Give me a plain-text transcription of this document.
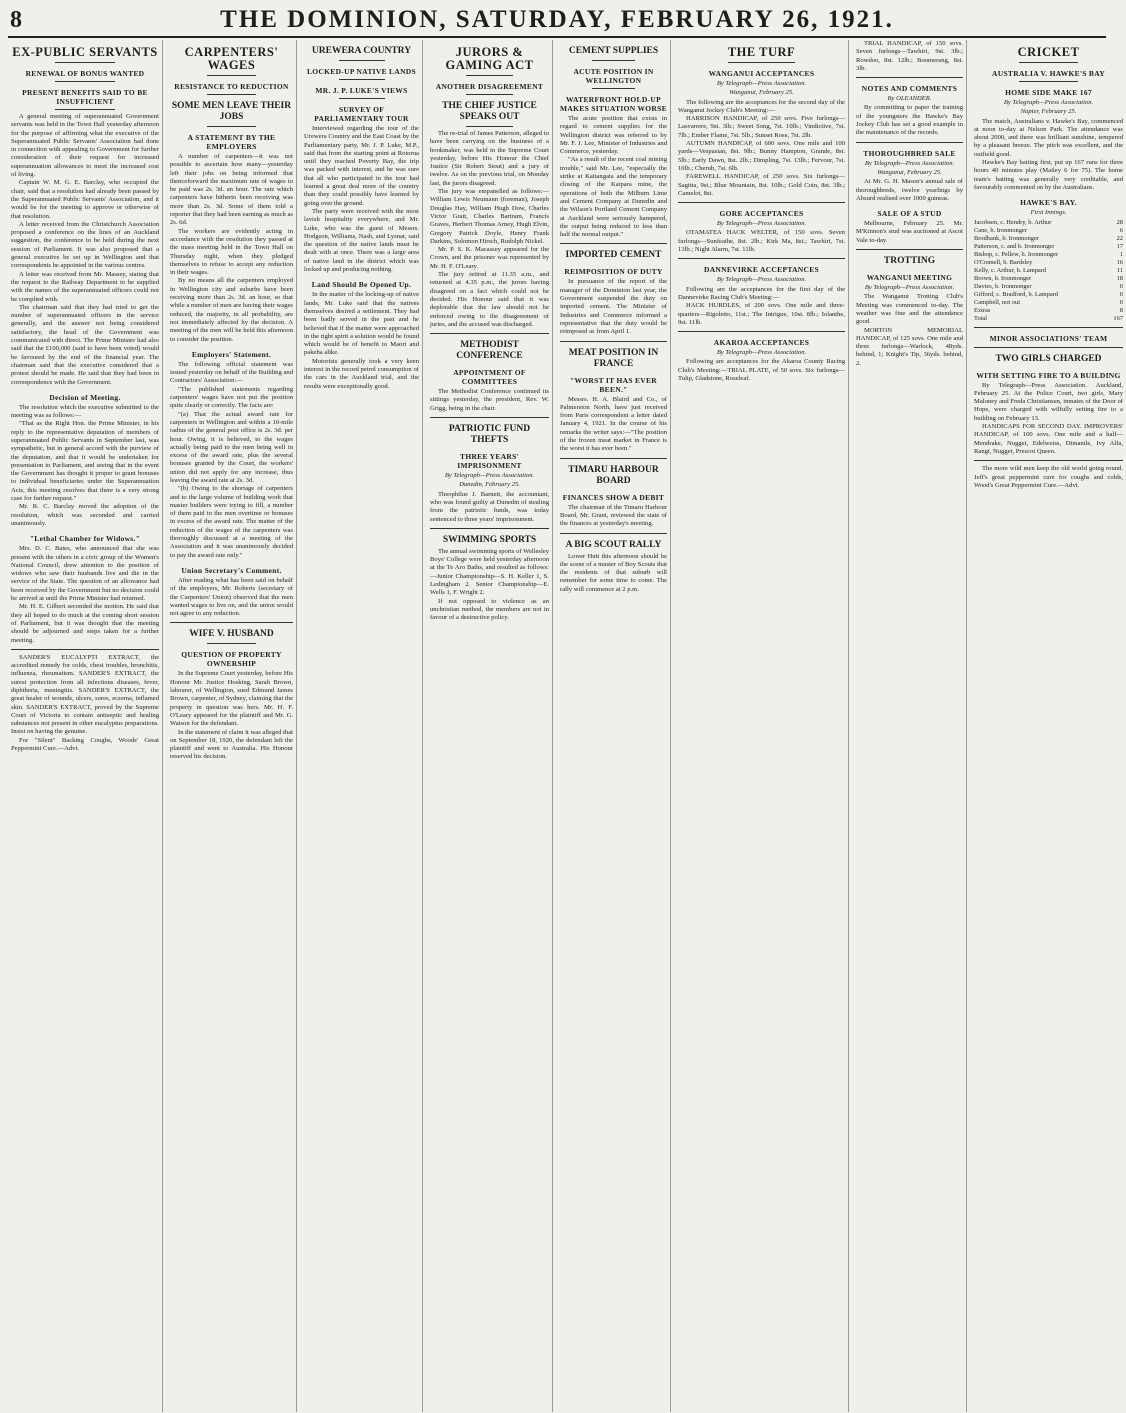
8	THE DOMINION, SATURDAY, FEBRUARY 26, 1921.
EX-PUBLIC SERVANTS
RENEWAL OF BONUS WANTED
PRESENT BENEFITS SAID TO BE INSUFFICIENT

A general meeting of superannuated Government servants was held in the Town Hall yesterday afternoon for the purpose of affirming what the executive of the Superannuated Public Servants' Association had done in connection with appealing to Government for further consideration of their request for increased superannuation allowances to meet the increased cost of living.

Captain W. M. G. E. Barclay, who occupied the chair, said that a resolution had already been passed by the Superannuated Public Servants' Association, and it would be for the meeting to approve or otherwise of that resolution.

A letter received from the Christchurch Association proposed a conference on the lines of an Auckland suggestion, the conference to be held during the next session of Parliament. It was also proposed that a general executive be set up in Wellington and that correspondents be appointed in the various centres.

A letter was received from Mr. Massey, stating that the request to the Railway Department to be supplied with the names of the superannuated officers could not be complied with.

The chairman said that they had tried to get the number of superannuated officers in the service generally, and the answer not being considered satisfactory, the head of the Government was communicated with direct. The Prime Minister had also said that the £100,000 (said to have been voted) would be favoured by the end of the financial year. The chairman said that the executive considered that a protest should be made. He said that they had been in correspondence with the Government.

Decision of Meeting.

The resolution which the executive submitted to the meeting was as follows:—

"That as the Right Hon. the Prime Minister, in his reply to the representative deputation of members of superannuated Public Servants in September last, was sympathetic, but in general accord with the purview of the deputation, and that it would be undertaken for presentation to Parliament, and seeing that in the event the Government has thought it proper to grant bonuses to individual beneficiaries under the Superannuation Acts, this meeting resolves that there is a very strong case for further request."

Mr. R. C. Barclay moved the adoption of the resolution, which was seconded and carried unanimously.

"Lethal Chamber for Widows."

Mrs. D. C. Bates, who announced that she was present with the others in a civic group of the Women's National Council, drew attention to the position of widows who saw their husbands live and die in the service of the State. The question of an allowance had been received by the Government but no decision could be arrived at until the Prime Minister had returned.

Mr. H. E. Gilbert seconded the motion. He said that they all hoped to do much at the coming short session of Parliament, but it was thought that the meeting should be adjourned and steps taken for a further meeting.

SANDER'S EUCALYPTI EXTRACT, the accredited remedy for colds, chest troubles, bronchitis, influenza, rheumatism. SANDER'S EXTRACT, the surest protection from all infections diseases, fever, diphtheria, meningitis. SANDER'S EXTRACT, the great healer of wounds, ulcers, sores, eczema, inflamed skin. SANDER'S EXTRACT, proved by the Supreme Court of Victoria to contain antiseptic and healing substances not present in other eucalyptus preparations. Insist on having the genuine.

For "Silent" Backing Coughs, Woods' Great Peppermint Cure.—Advt.

CARPENTERS' WAGES
RESISTANCE TO REDUCTION
SOME MEN LEAVE THEIR JOBS
A STATEMENT BY THE EMPLOYERS

A number of carpenters—it was not possible to ascertain how many—yesterday left their jobs on being informed that thenceforward the maximum rate of wages to be paid was 2s. 3d. an hour. The rate which carpenters have hitherto been receiving was more than 2s. 3d. Some of them told a reporter that they had been earning as much as 2s. 6d.

The workers are evidently acting in accordance with the resolution they passed at the mass meeting held in the Town Hall on Thursday night, when they pledged themselves to refuse to accept any reduction in their wages.

By no means all the carpenters employed in Wellington city and suburbs have been receiving more than 2s. 3d. an hour, so that while a number of men are having their wages reduced, the majority, in all probability, are not immediately affected by the decision. A meeting of the men will be held this afternoon to consider the position.

Employers' Statement.

The following official statement was issued yesterday on behalf of the Building and Contractors' Association:—

"The published statements regarding carpenters' wages have not put the position quite clearly or correctly. The facts are:

"(a) That the actual award rate for carpenters in Wellington and within a 10-mile radius of the general post office is 2s. 3d. per hour. Owing, it is believed, to the wages actually being paid to the men being well in excess of the award rate, plus the several bonuses granted by the Court, the workers' union did not apply for any increase, thus leaving the award rate at 2s. 3d.

"(b) Owing to the shortage of carpenters and to the large volume of building work that master builders were trying to fill, a number of them paid to the men overtime or bonuses in excess of the award rate. The matter of the reduction of the wages of the carpenters was thoroughly discussed at a meeting of the Association and it was unanimously decided to pay the award rate only."

Union Secretary's Comment.

After reading what has been said on behalf of the employers, Mr. Roberts (secretary of the Carpenters' Union) observed that the men wanted wages to live on, and the union would not agree to any reduction.

WIFE V. HUSBAND
QUESTION OF PROPERTY OWNERSHIP

In the Supreme Court yesterday, before His Honour Mr. Justice Hosking, Sarah Brown, labourer, of Wellington, sued Edmund James Brown, carpenter, of Sydney, claiming that the property in question was hers. Mr. H. F. O'Leary appeared for the plaintiff and Mr. G. Watson for the defendant.

In the statement of claim it was alleged that on September 18, 1920, the defendant left the plaintiff and went to Australia. His Honour reserved his decision.

UREWERA COUNTRY
LOCKED-UP NATIVE LANDS
MR. J. P. LUKE'S VIEWS
SURVEY OF PARLIAMENTARY TOUR

Interviewed regarding the tour of the Urewera Country and the East Coast by the Parliamentary party, Mr. J. P. Luke, M.P., said that from the starting point at Rotorua until they reached Poverty Bay, the trip was packed with interest, and he was sure that all who participated in the tour had learned a great deal more of the country than they could possibly have learned by going over the ground.

The party were received with the most lavish hospitality everywhere, and Mr. Luke, who was the guest of Messrs. Hodgson, Williams, Nash, and Lysnar, said the question of the native lands must be dealt with at once. There was a large area of native land in the district which was locked up and producing nothing.

Land Should Be Opened Up.

In the matter of the locking-up of native lands, Mr. Luke said that the natives themselves desired a settlement. They had been badly served in the past and he believed that if the matter were approached in the right spirit a solution would be found which would be of benefit to Maori and pakeha alike.

Motorists generally took a very keen interest in the record petrol consumption of the cars in the Auckland trial, and the results were exceptionally good.

JURORS & GAMING ACT
ANOTHER DISAGREEMENT
THE CHIEF JUSTICE SPEAKS OUT

The re-trial of James Patterson, alleged to have been carrying on the business of a bookmaker, was held in the Supreme Court yesterday, before His Honour the Chief Justice (Sir Robert Stout) and a jury of twelve. As on the previous trial, on Monday last, the jurors disagreed.

The jury was empanelled as follows:—William Lewis Neumann (foreman), Joseph Douglas Hay, William Hugh Dow, Charles Victor Gratt, Charles Bartram, Francis Graves, Herbert Thomas Arney, Hugh Elvin, Gregory Patrick Doyle, Henry Frank Darkins, Solomon Hirsch, Rudolph Nickel.

Mr. P. S. K. Macassey appeared for the Crown, and the prisoner was represented by Mr. H. F. O'Leary.

The jury retired at 11.35 a.m., and returned at 4.35 p.m., the jurors having disagreed on a fact which could not be decided. His Honour said that it was deplorable that the law should not be enforced owing to the disagreement of juries, and the accused was discharged.

METHODIST CONFERENCE
APPOINTMENT OF COMMITTEES

The Methodist Conference continued its sittings yesterday, the president, Rev. W. Grigg, being in the chair.

PATRIOTIC FUND THEFTS
THREE YEARS' IMPRISONMENT
By Telegraph—Press Association.
Dunedin, February 25.

Theophilus J. Barnett, the accountant, who was found guilty at Dunedin of stealing from the patriotic funds, was today sentenced to three years' imprisonment.

SWIMMING SPORTS

The annual swimming sports of Wellesley Boys' College were held yesterday afternoon at the Te Aro Baths, and resulted as follows:—Junior Championship—S. H. Keller 1, S. Ledingham 2. Senior Championship—E. Wells 1, F. Wright 2.

If not opposed to violence as an unchristian method, the members are not in favour of a destructive policy.

CEMENT SUPPLIES
ACUTE POSITION IN WELLINGTON
WATERFRONT HOLD-UP MAKES SITUATION WORSE

The acute position that exists in regard to cement supplies for the Wellington district was referred to by Mr. F. J. Lee, Minister of Industries and Commerce, yesterday.

"As a result of the recent coal mining trouble," said Mr. Lee, "especially the strike at Kaitangata and the temporary closing of the Kaipara mine, the operations of both the Milburn Lime and Cement Company at Dunedin and the Wilson's Portland Cement Company at Auckland were seriously hampered, the output being reduced to less than half the normal output."

IMPORTED CEMENT
REIMPOSITION OF DUTY

In pursuance of the report of the manager of the Dominion last year, the Government suspended the duty on imported cement. The Minister of Industries and Commerce informed a representative that the duty would be reimposed as from April 1.

MEAT POSITION IN FRANCE
"WORST IT HAS EVER BEEN."

Messrs. H. A. Blaird and Co., of Palmerston North, have just received from Paris correspondent a letter dated January 4, 1921. In the course of his remarks the writer says:—"The position of the frozen meat market in France is the worst it has ever been."

TIMARU HARBOUR BOARD
FINANCES SHOW A DEBIT

The chairman of the Timaru Harbour Board, Mr. Grant, reviewed the state of the finances at yesterday's meeting.

A BIG SCOUT RALLY

Lower Hutt this afternoon should be the scene of a muster of Boy Scouts that the residents of that suburb will remember for some time to come. The rally will commence at 2 p.m.

THE TURF
WANGANUI ACCEPTANCES
By Telegraph—Press Association.
Wanganui, February 25.

The following are the acceptances for the second day of the Wanganui Jockey Club's Meeting:—

HARRISON HANDICAP, of 250 sovs. Five furlongs—Lasvarrere, 9st. 3lb.; Sweet Song, 7st. 10lb.; Vindictive, 7st. 7lb.; Ember Flame, 7st. 5lb.; Sunset Rose, 7st. 2lb.

AUTUMN HANDICAP, of 600 sovs. One mile and 100 yards—Vespasian, 8st. 9lb.; Bunny Hampton, Grande, 8st. 5lb.; Early Dawn, 8st. 2lb.; Dimpling, 7st. 13lb.; Fervour, 7st. 10lb.; Cherub, 7st. 6lb.

FAREWELL HANDICAP, of 250 sovs. Six furlongs—Sagitta, 9st.; Blue Mountain, 8st. 10lb.; Gold Coin, 8st. 3lb.; Camelot, 8st.

GORE ACCEPTANCES
By Telegraph—Press Association.

OTAMATEA HACK WELTER, of 150 sovs. Seven furlongs—Sunfeathe, 8st. 2lb.; Kirk Ma, 8st.; Tawhiri, 7st. 13lb.; Night Alarm, 7st. 11lb.

DANNEVIRKE ACCEPTANCES
By Telegraph—Press Association.

Following are the acceptances for the first day of the Dannevirke Racing Club's Meeting:—

HACK HURDLES, of 200 sovs. One mile and three-quarters—Rigoletto, 11st.; The Intrigue, 10st. 8lb.; Iolanthe, 9st. 11lb.

AKAROA ACCEPTANCES
By Telegraph—Press Association.

Following are acceptances for the Akaroa County Racing Club's Meeting:—TRIAL PLATE, of 50 sovs. Six furlongs—Tulip, Gladstone, Roseleaf.

TRIAL HANDICAP, of 150 sovs. Seven furlongs—Tawhiri, 9st. 3lb.; Rowdoo, 8st. 12lb.; Boomerang, 8st. 3lb.

NOTES AND COMMENTS
By OLEANDER.

By committing to paper the training of the youngsters the Hawke's Bay Jockey Club has set a good example in the maintenance of the records.

THOROUGHBRED SALE
By Telegraph—Press Association.
Wanganui, February 25.

At Mr. G. H. Mason's annual sale of thoroughbreds, twelve yearlings by Absurd realised over 1000 guineas.

SALE OF A STUD

Melbourne, February 25. Mr. M'Kinnon's stud was auctioned at Ascot Vale to-day.

TROTTING
WANGANUI MEETING
By Telegraph—Press Association.

The Wanganui Trotting Club's Meeting was commenced to-day. The weather was fine and the attendance good.

MORTON MEMORIAL HANDICAP, of 125 sovs. One mile and three furlongs—Warlock, 48yds. behind, 1; Knight's Tip, 36yds. behind, 2.

CRICKET
AUSTRALIA V. HAWKE'S BAY
HOME SIDE MAKE 167
By Telegraph—Press Association.
Napier, February 25.

The match, Australians v. Hawke's Bay, commenced at noon to-day at Nelson Park. The attendance was about 2000, and there was brilliant sunshine, tempered by a pleasant breeze. The pitch was excellent, and the outfield good.

Hawke's Bay batting first, put up 167 runs for three hours 40 minutes play (Mailey 6 for 75). The home team's batting was generally very creditable, and favourably commented on by the Australians.

HAWKE'S BAY.
First Innings.
Jacobsen, c. Hendry, b. Arthur	28
Cane, b. Ironmonger	6
Brodbank, b. Ironmonger	22
Patterson, c. and b. Ironmonger	17
Bishop, c. Pellew, b. Ironmonger	1
O'Connell, b. Bardsley	16
Kelly, c. Arthur, b. Lampard	11
Brown, b. Ironmonger	18
Davies, b. Ironmonger	0
Gifford, c. Bradford, b. Lampard	0
Campbell, not out	0
Extras	8
Total	167
MINOR ASSOCIATIONS' TEAM
TWO GIRLS CHARGED
WITH SETTING FIRE TO A BUILDING

By Telegraph—Press Association. Auckland, February 25. At the Police Court, two girls, Mary Maloney and Freda Christiansen, inmates of the Door of Hope, were charged with wilfully setting fire to a building on February 13.

HANDICAPS FOR SECOND DAY. IMPROVERS' HANDICAP, of 100 sovs. One mile and a half—Mendrake, Nugget, Edelweiss, Dimantle, Ivy Alfa, Rangi, Nugget, Prescot Queen.

The more wild men keep the old world going round. Jeff's great peppermint cure for coughs and colds, Wood's Great Peppermint Cure.—Advt.
